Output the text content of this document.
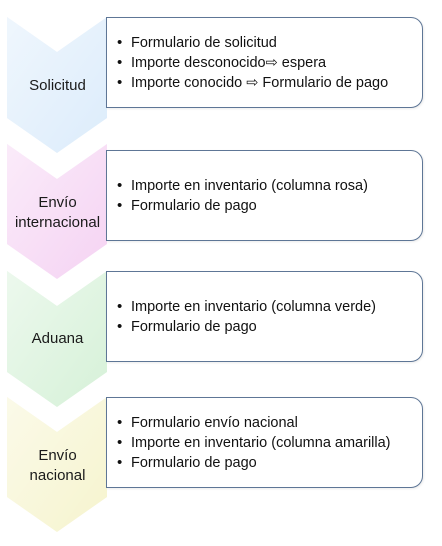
Solicitud
Envío
internacional
Aduana
Envío
nacional
• Formulario de solicitud
• Importe desconocido⇨ espera
• Importe conocido ⇨ Formulario de pago
• Importe en inventario (columna rosa)
• Formulario de pago
• Importe en inventario (columna verde)
• Formulario de pago
• Formulario envío nacional
• Importe en inventario (columna amarilla)
• Formulario de pago
